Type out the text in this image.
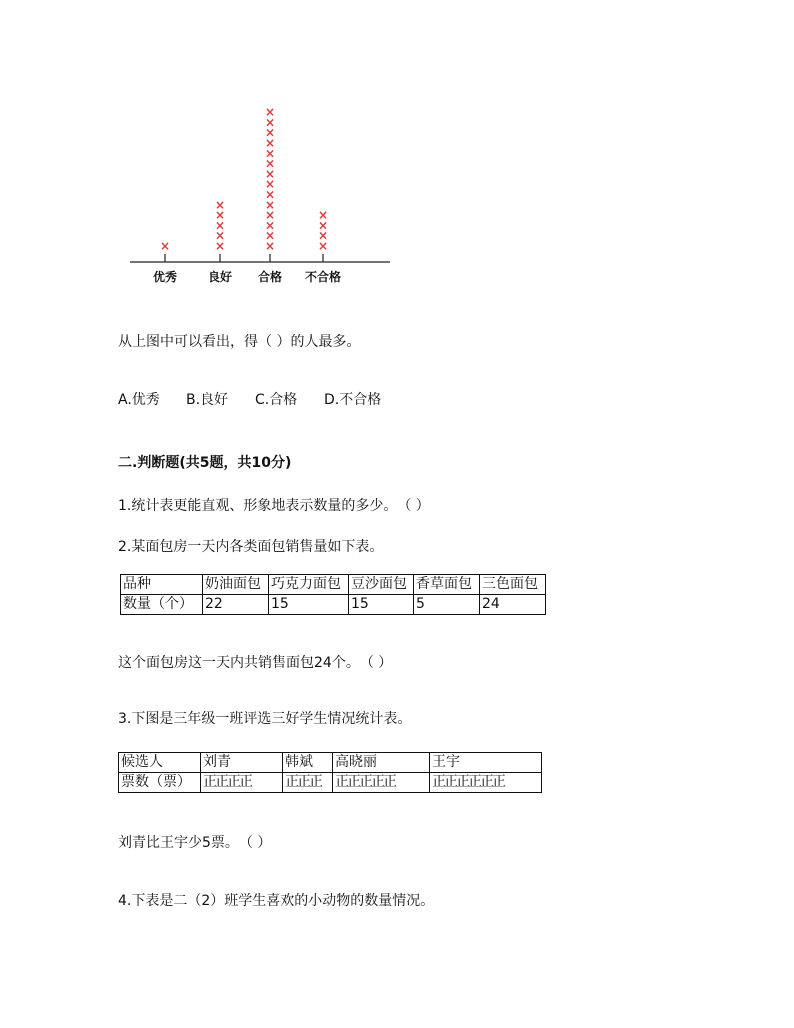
×	×
×
×
×
×
×
×
×
×
×
×
×
×
×
×
×
×
×
×
×
×
×
×
优秀	良好 合格 不合格
从上图中可以看出，得（ ）的人最多。
A.优秀 B.良好 C.合格 D.不合格
二.判断题(共5题，共10分)
1.统计表更能直观、形象地表示数量的多少。　（ ）
2.某面包房一天内各类面包销售量如下表。
品种	奶油面包	巧克力面包	豆沙面包	香草面包	三色面包
数量（个）	22	15	15	5	24
这个面包房这一天内共销售面包24个。　（ ）
3.下图是三年级一班评选三好学生情况统计表。
候选人	刘青	韩斌	高晓丽	王宇
票数（票）	正正正正	正正正	正正正正正	正正正正正正
刘青比王宇少5票。　（ ）
4.下表是二（2）班学生喜欢的小动物的数量情况。
